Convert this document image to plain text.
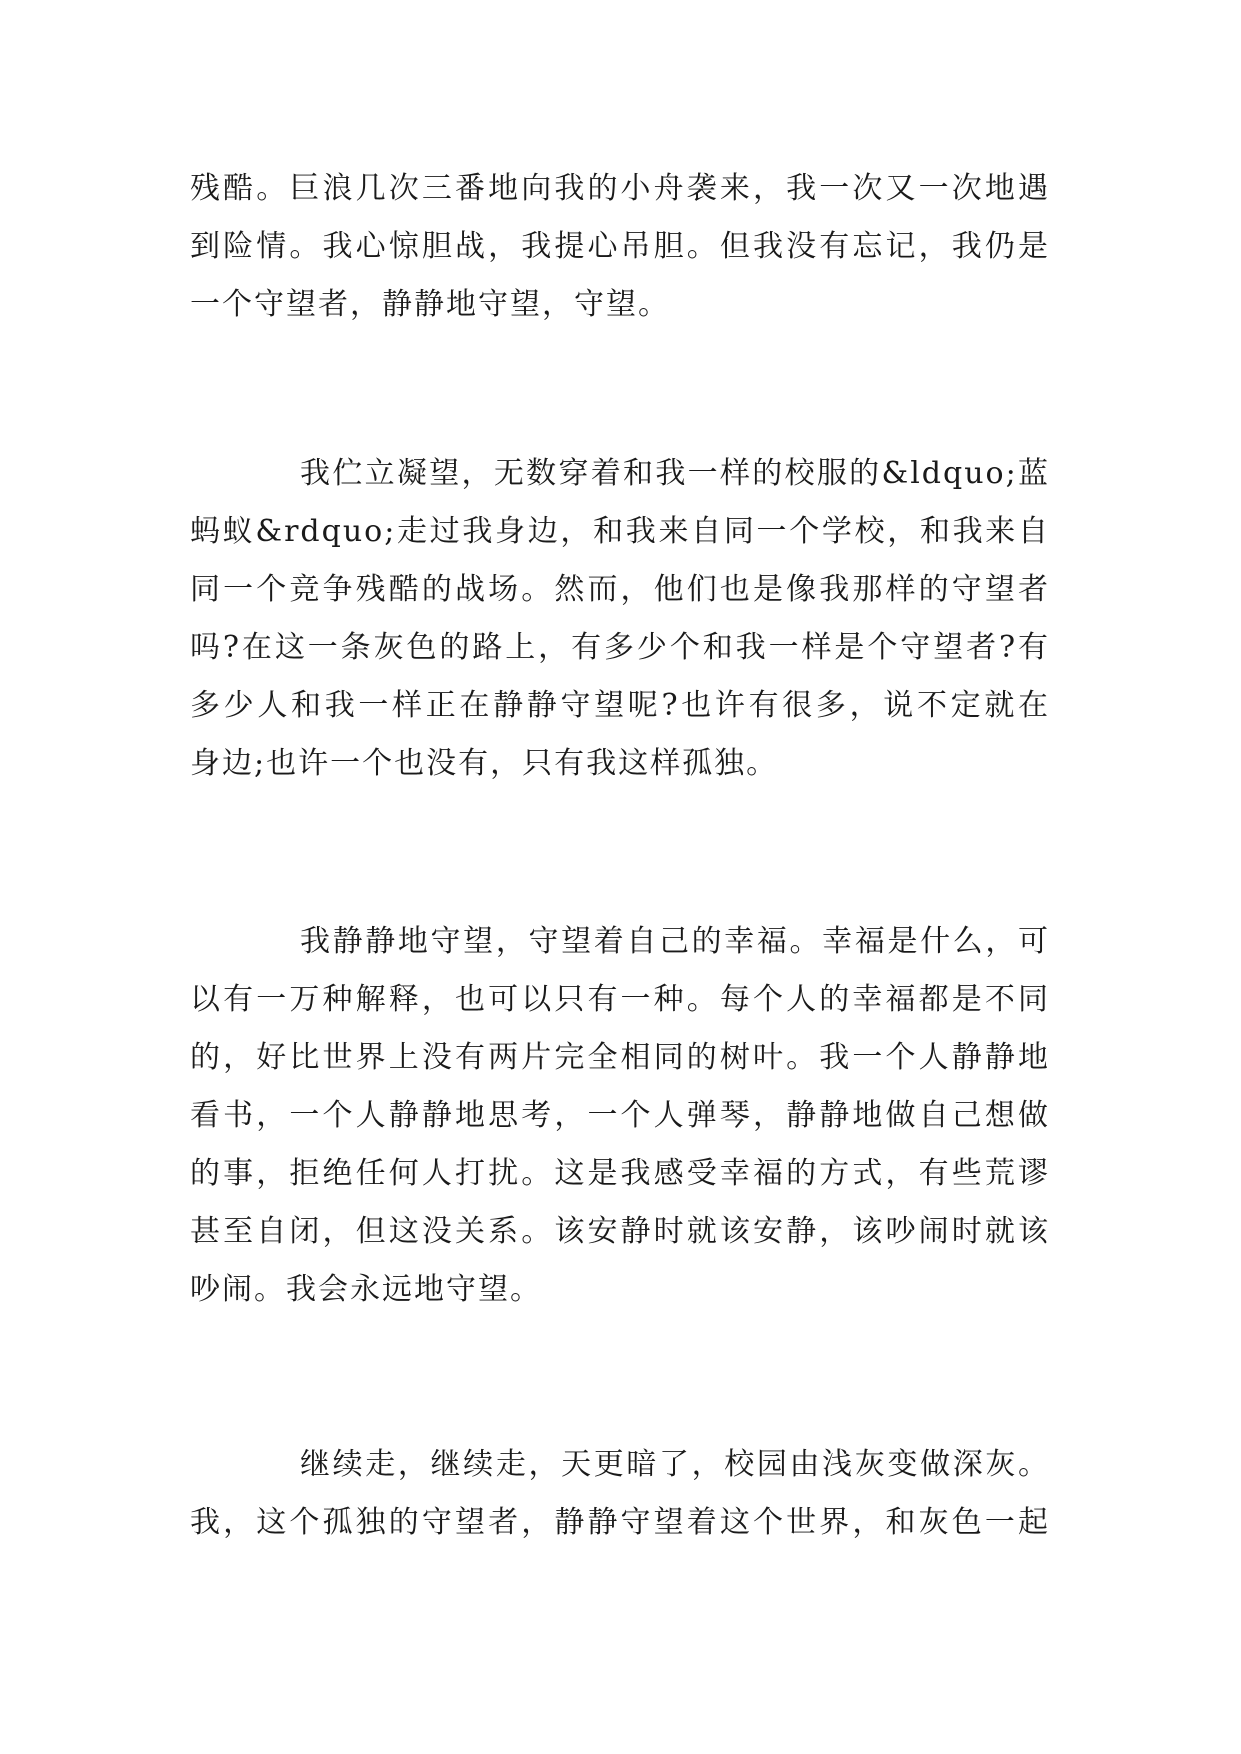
残酷。巨浪几次三番地向我的小舟袭来，我一次又一次地遇
到险情。我心惊胆战，我提心吊胆。但我没有忘记，我仍是
一个守望者，静静地守望，守望。
我伫立凝望，无数穿着和我一样的校服的&ldquo;蓝
蚂蚁&rdquo;走过我身边，和我来自同一个学校，和我来自
同一个竞争残酷的战场。然而，他们也是像我那样的守望者
吗?在这一条灰色的路上，有多少个和我一样是个守望者?有
多少人和我一样正在静静守望呢?也许有很多，说不定就在
身边;也许一个也没有，只有我这样孤独。
我静静地守望，守望着自己的幸福。幸福是什么，可
以有一万种解释，也可以只有一种。每个人的幸福都是不同
的，好比世界上没有两片完全相同的树叶。我一个人静静地
看书，一个人静静地思考，一个人弹琴，静静地做自己想做
的事，拒绝任何人打扰。这是我感受幸福的方式，有些荒谬
甚至自闭，但这没关系。该安静时就该安静，该吵闹时就该
吵闹。我会永远地守望。
继续走，继续走，天更暗了，校园由浅灰变做深灰。
我，这个孤独的守望者，静静守望着这个世界，和灰色一起
